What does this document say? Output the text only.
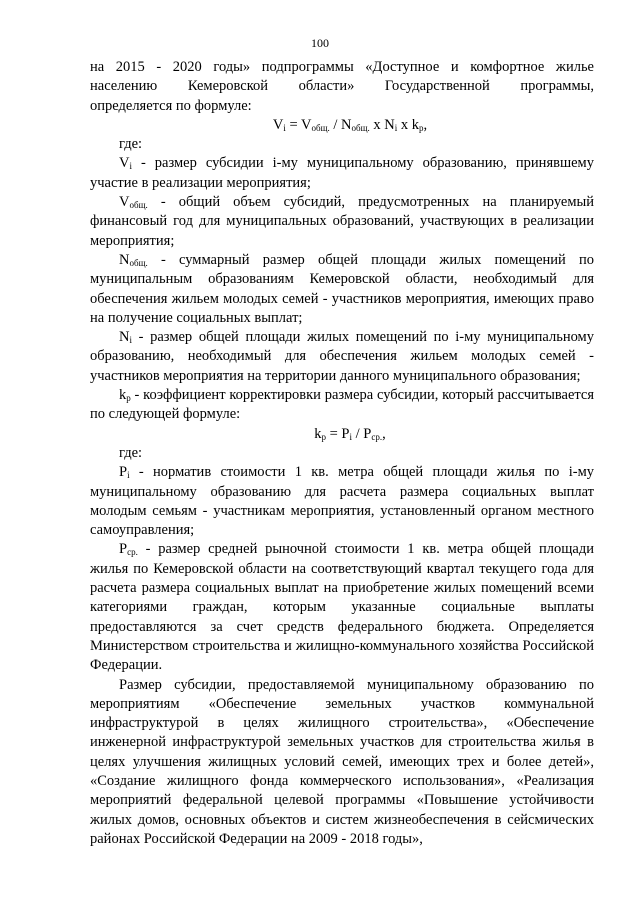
100

на 2015 - 2020 годы» подпрограммы «Доступное и комфортное жилье

населению Кемеровской области» Государственной программы,

определяется по формуле:

$V_i = V_{общ.} / N_{общ.}$ х $N_i$ х $k_р$,

где:

$V_i$ - размер субсидии i-му муниципальному образованию, принявшему участие в реализации мероприятия;

$V_{общ.}$ - общий объем субсидий, предусмотренных на планируемый финансовый год для муниципальных образований, участвующих в реализации мероприятия;

$N_{общ.}$ - суммарный размер общей площади жилых помещений по муниципальным образованиям Кемеровской области, необходимый для обеспечения жильем молодых семей - участников мероприятия, имеющих право на получение социальных выплат;

$N_i$ - размер общей площади жилых помещений по i-му муниципальному образованию, необходимый для обеспечения жильем молодых семей - участников мероприятия на территории данного муниципального образования;

$k_р$ - коэффициент корректировки размера субсидии, который рассчитывается по следующей формуле:

$k_р = P_i / P_{ср.}$,

где:

$P_i$ - норматив стоимости 1 кв. метра общей площади жилья по i-му муниципальному образованию для расчета размера социальных выплат молодым семьям - участникам мероприятия, установленный органом местного самоуправления;

$P_{ср.}$ - размер средней рыночной стоимости 1 кв. метра общей площади жилья по Кемеровской области на соответствующий квартал текущего года для расчета размера социальных выплат на приобретение жилых помещений всеми категориями граждан, которым указанные социальные выплаты предоставляются за счет средств федерального бюджета. Определяется Министерством строительства и жилищно-коммунального хозяйства Российской Федерации.

Размер субсидии, предоставляемой муниципальному образованию по мероприятиям «Обеспечение земельных участков коммунальной инфраструктурой в целях жилищного строительства», «Обеспечение инженерной инфраструктурой земельных участков для строительства жилья в целях улучшения жилищных условий семей, имеющих трех и более детей», «Создание жилищного фонда коммерческого использования», «Реализация мероприятий федеральной целевой программы «Повышение устойчивости жилых домов, основных объектов и систем жизнеобеспечения в сейсмических районах Российской Федерации на 2009 - 2018 годы»,
